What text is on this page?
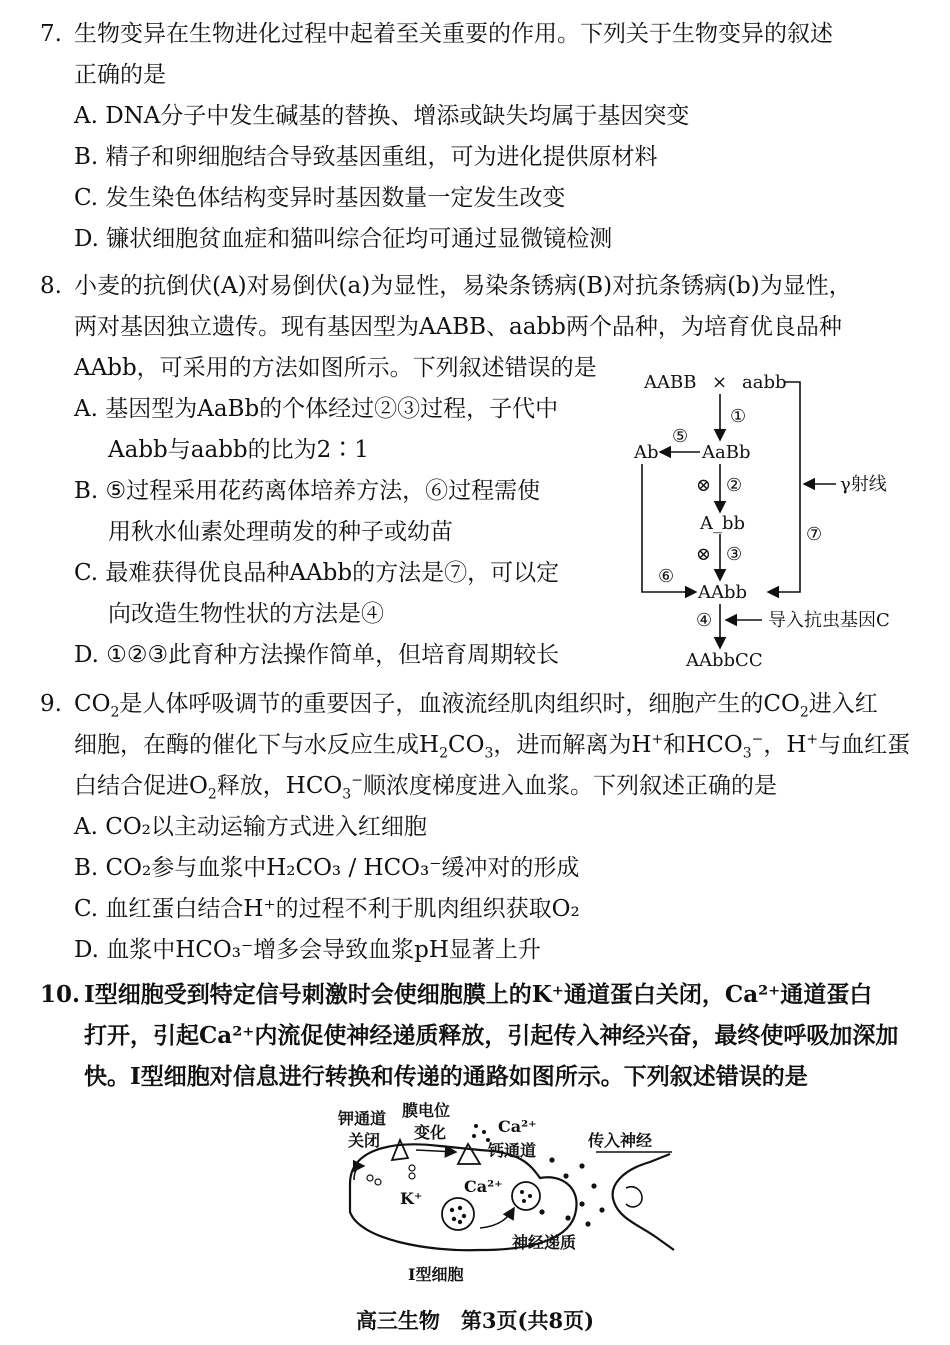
7. 生物变异在生物进化过程中起着至关重要的作用。下列关于生物变异的叙述
正确的是
A. DNA分子中发生碱基的替换、增添或缺失均属于基因突变
B. 精子和卵细胞结合导致基因重组，可为进化提供原材料
C. 发生染色体结构变异时基因数量一定发生改变
D. 镰状细胞贫血症和猫叫综合征均可通过显微镜检测
8. 小麦的抗倒伏(A)对易倒伏(a)为显性，易染条锈病(B)对抗条锈病(b)为显性，
两对基因独立遗传。现有基因型为AABB、aabb两个品种，为培育优良品种
AAbb，可采用的方法如图所示。下列叙述错误的是
A. 基因型为AaBb的个体经过②③过程，子代中
Aabb与aabb的比为2∶1
B. ⑤过程采用花药离体培养方法，⑥过程需使
用秋水仙素处理萌发的种子或幼苗
C. 最难获得优良品种AAbb的方法是⑦，可以定
向改造生物性状的方法是④
D. ①②③此育种方法操作简单，但培育周期较长
AABB × aabb
①
AaBb
⑤
Ab
⊗ ②	γ射线
A_bb
⑦
⊗ ③
⑥
AAbb
④	导入抗虫基因C
AAbbCC
9. $CO_2$是人体呼吸调节的重要因子，血液流经肌肉组织时，细胞产生的$CO_2$进入红
细胞，在酶的催化下与水反应生成$H_2CO_3$，进而解离为H+和$HCO_3^-$，H+与血红蛋
白结合促进$O_2$释放，$HCO_3^-$顺浓度梯度进入血浆。下列叙述正确的是
A. CO₂以主动运输方式进入红细胞
B. CO₂参与血浆中H₂CO₃ / HCO₃⁻缓冲对的形成
C. 血红蛋白结合H⁺的过程不利于肌肉组织获取O₂
D. 血浆中HCO₃⁻增多会导致血浆pH显著上升
10. Ⅰ型细胞受到特定信号刺激时会使细胞膜上的K⁺通道蛋白关闭，Ca²⁺通道蛋白
打开，引起Ca²⁺内流促使神经递质释放，引起传入神经兴奋，最终使呼吸加深加
快。Ⅰ型细胞对信息进行转换和传递的通路如图所示。下列叙述错误的是
钾通道
关闭
膜电位
变化	Ca²⁺
钙通道
传入神经
K⁺
Ca²⁺
神经递质
Ⅰ型细胞
高三生物　第3页(共8页)
